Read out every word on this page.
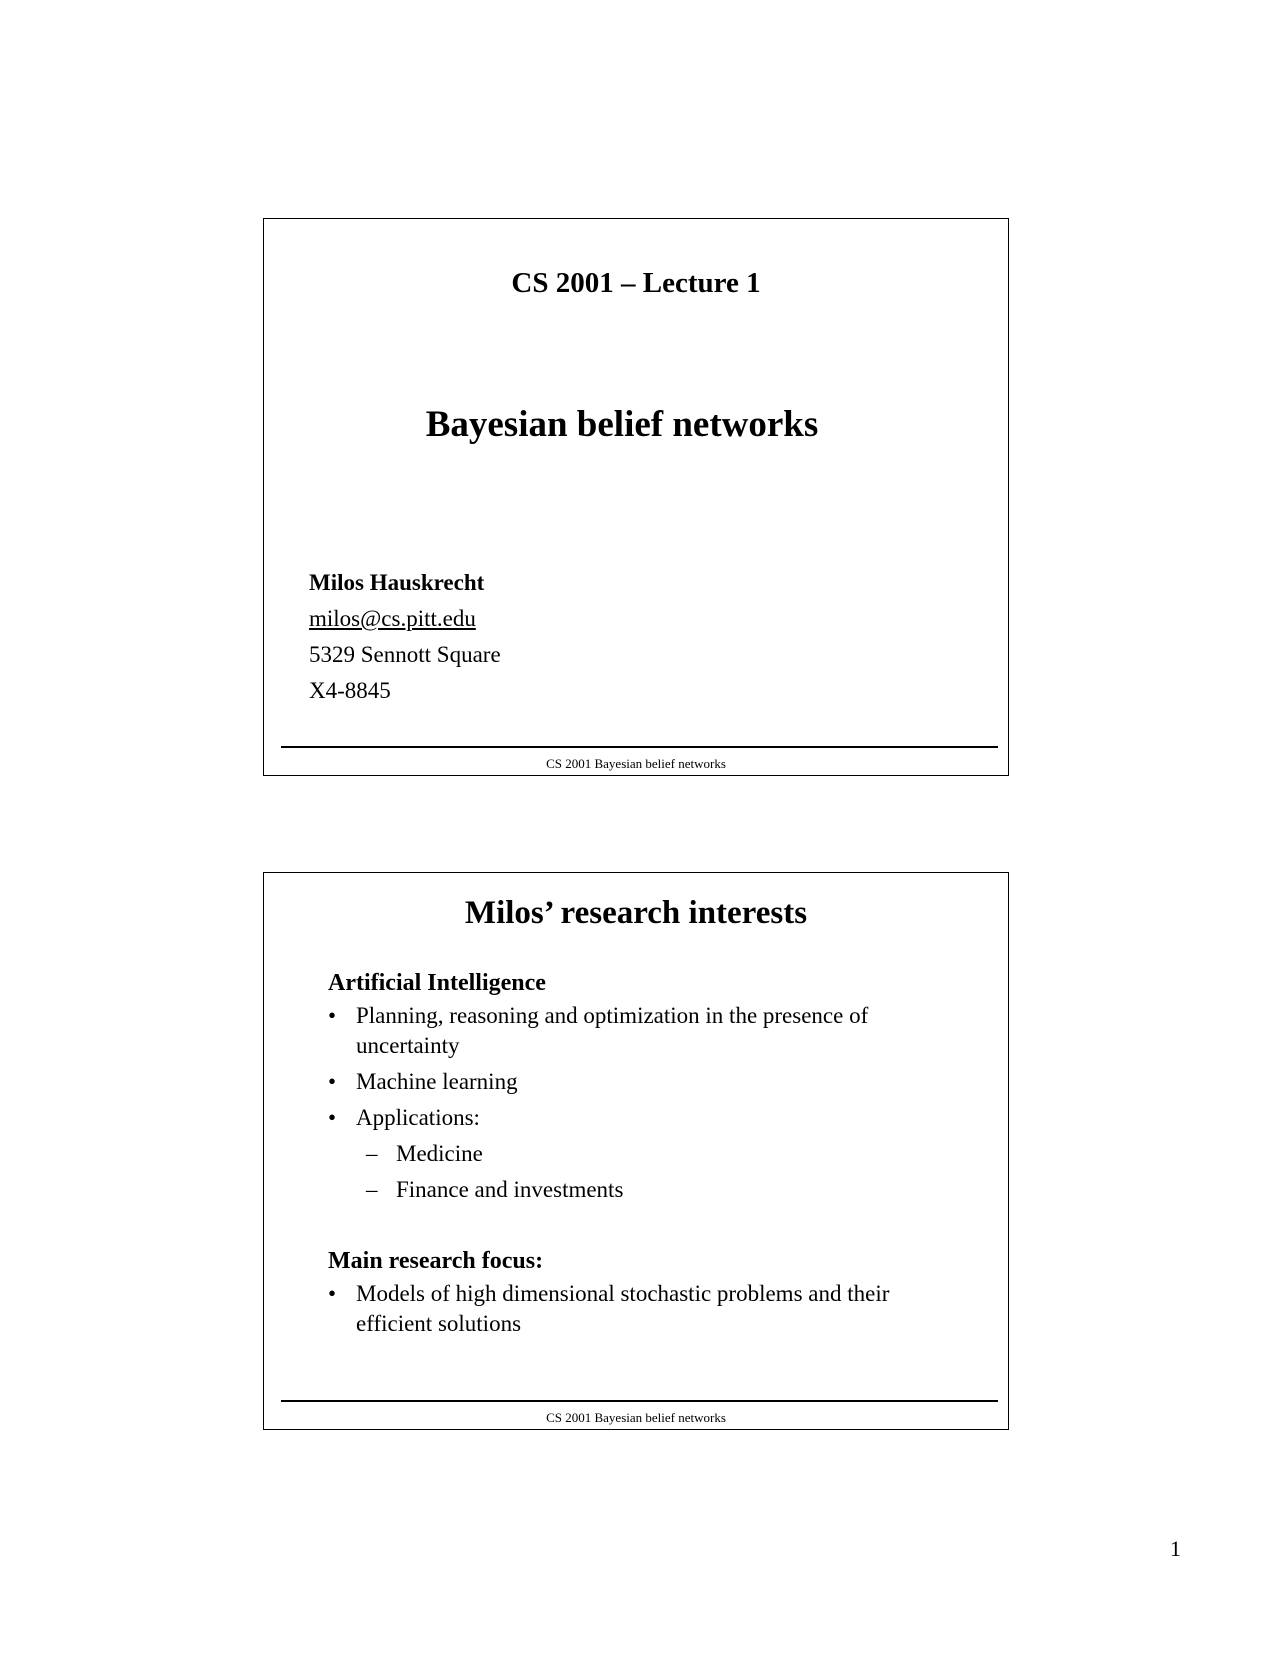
CS 2001 – Lecture 1
Bayesian belief networks
Milos Hauskrecht
milos@cs.pitt.edu
5329 Sennott Square
X4-8845
CS 2001 Bayesian belief networks
Milos’ research interests
Artificial Intelligence
• Planning, reasoning and optimization in the presence of uncertainty
• Machine learning
• Applications:
– Medicine
– Finance and investments
Main research focus:
• Models of high dimensional stochastic problems and their efficient solutions
CS 2001 Bayesian belief networks
1
